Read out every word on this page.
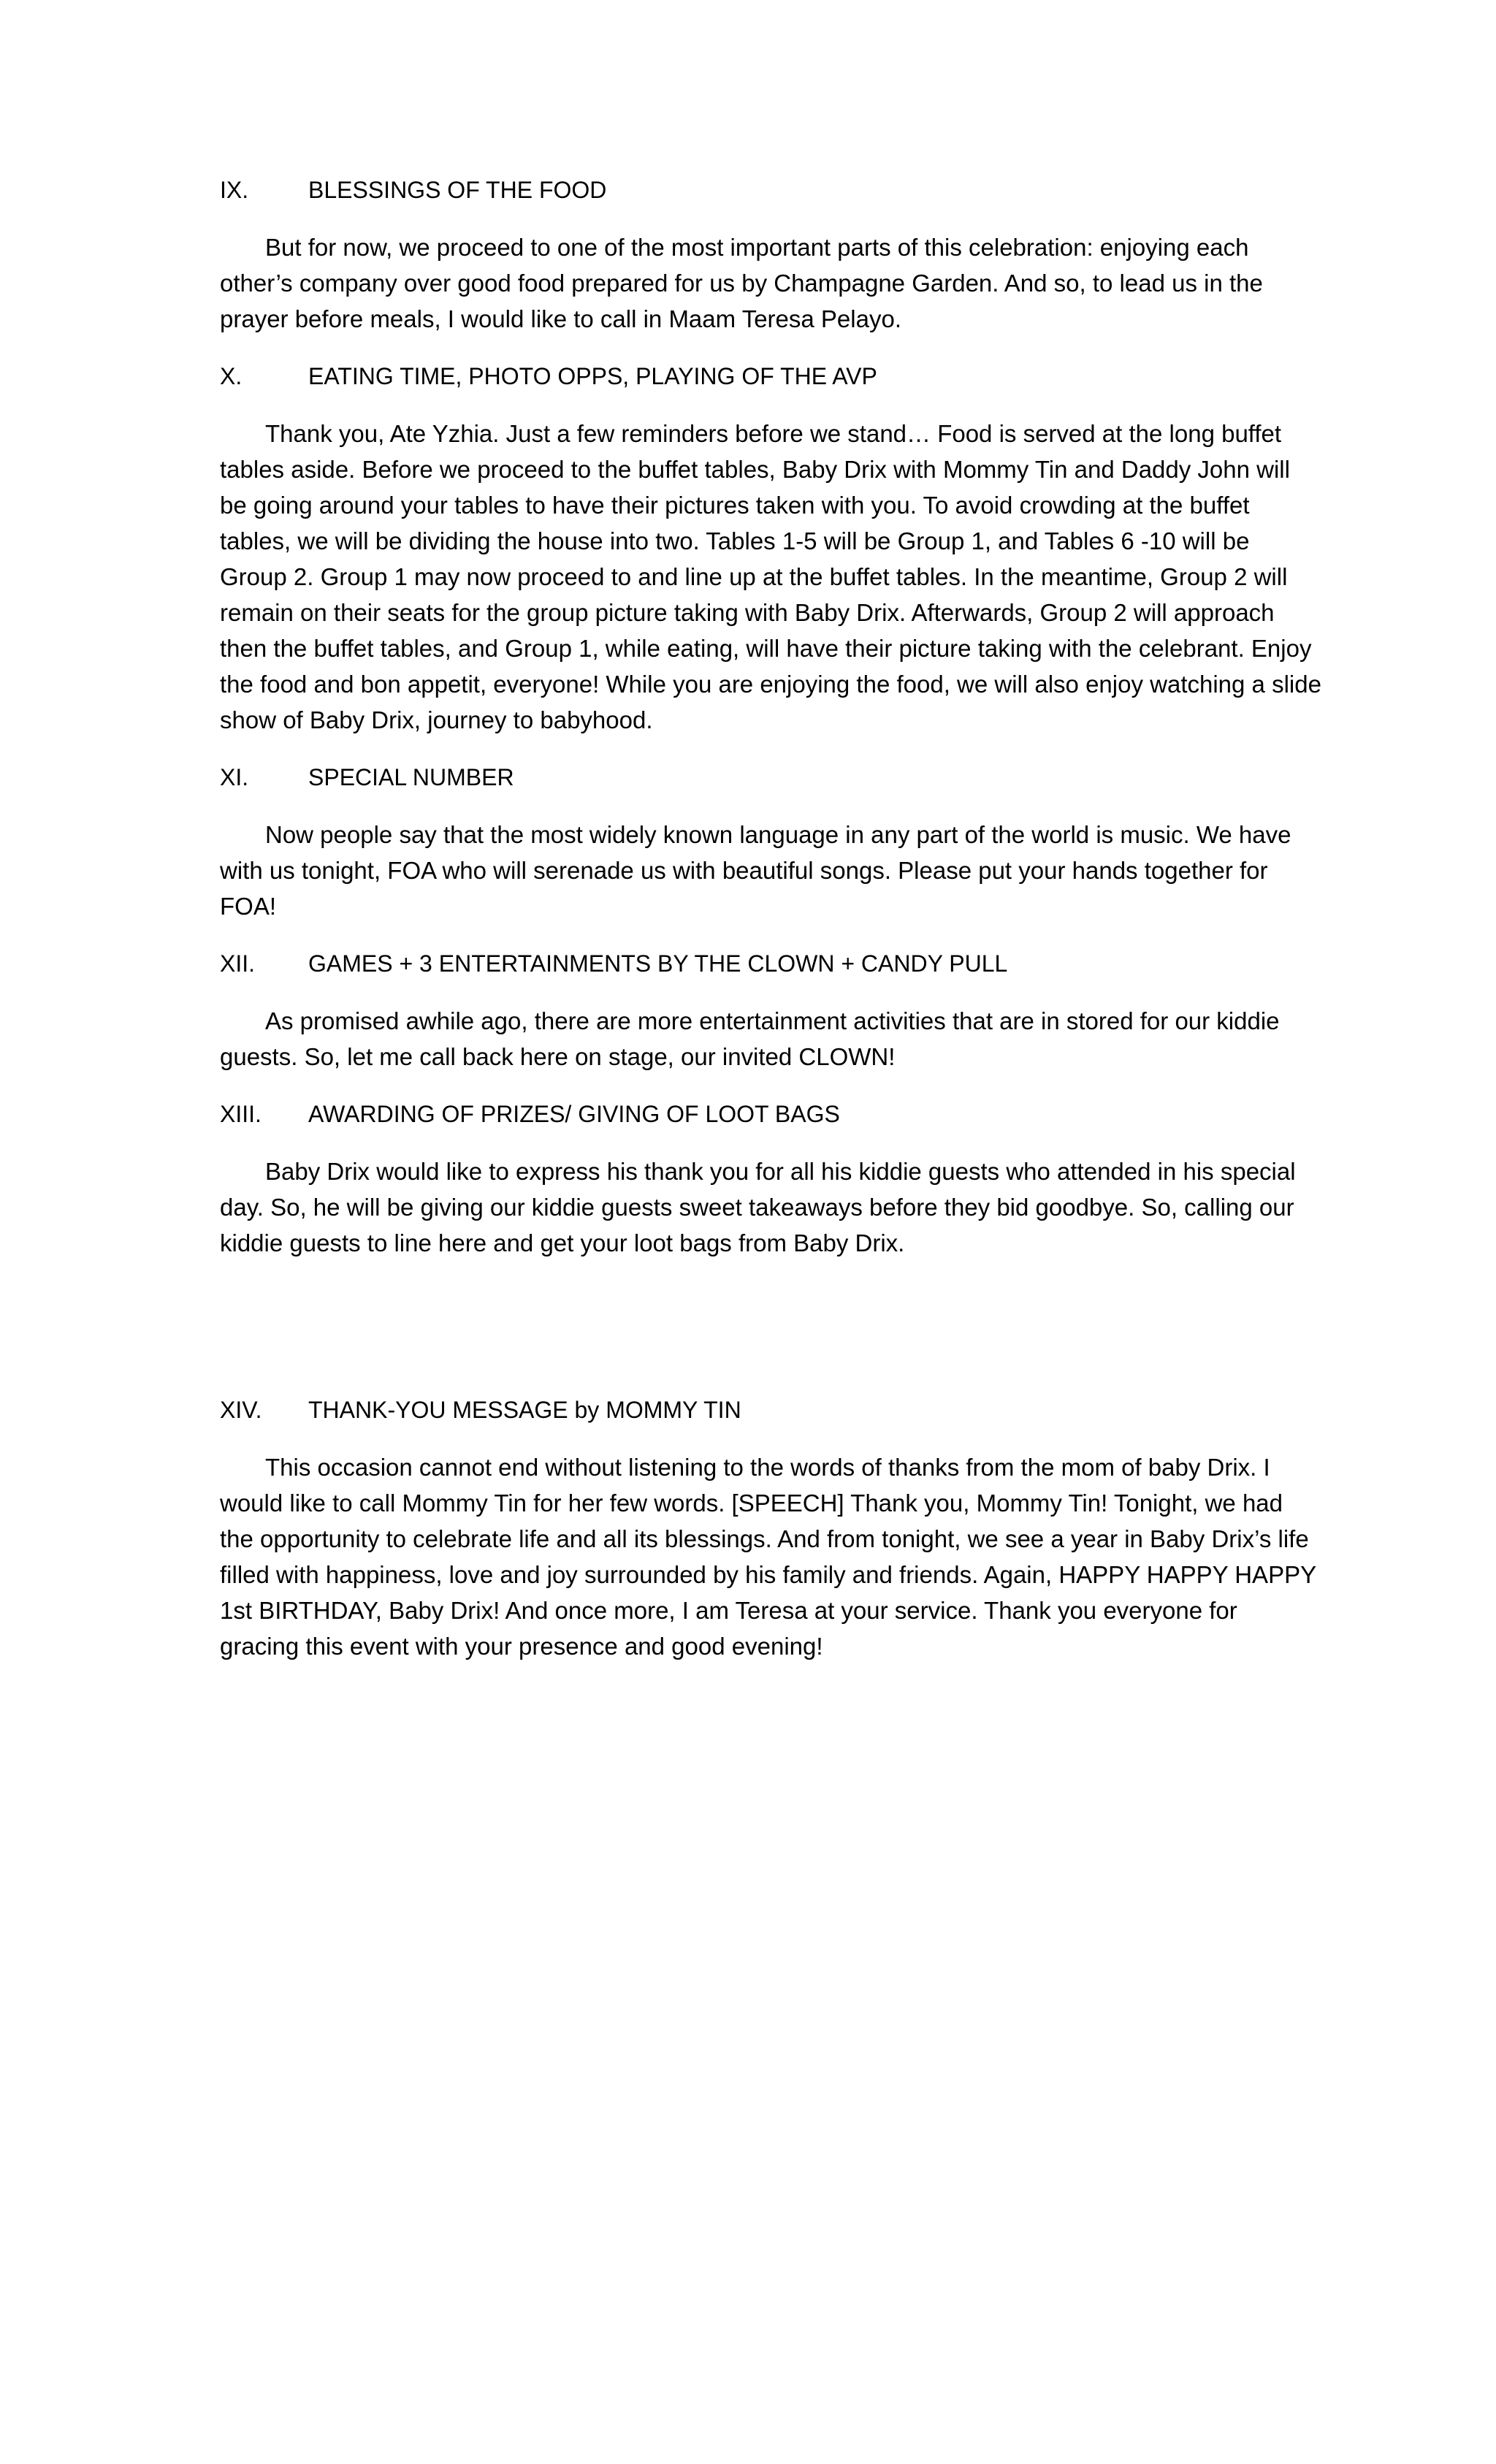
IX.	BLESSINGS OF THE FOOD

But for now, we proceed to one of the most important parts of this celebration: enjoying each other’s company over good food prepared for us by Champagne Garden. And so, to lead us in the prayer before meals, I would like to call in Maam Teresa Pelayo.

X.	EATING TIME, PHOTO OPPS, PLAYING OF THE AVP

Thank you, Ate Yzhia. Just a few reminders before we stand… Food is served at the long buffet tables aside. Before we proceed to the buffet tables, Baby Drix with Mommy Tin and Daddy John will be going around your tables to have their pictures taken with you. To avoid crowding at the buffet tables, we will be dividing the house into two. Tables 1-5 will be Group 1, and Tables 6 -10 will be Group 2. Group 1 may now proceed to and line up at the buffet tables. In the meantime, Group 2 will remain on their seats for the group picture taking with Baby Drix. Afterwards, Group 2 will approach then the buffet tables, and Group 1, while eating, will have their picture taking with the celebrant. Enjoy the food and bon appetit, everyone! While you are enjoying the food, we will also enjoy watching a slide show of Baby Drix, journey to babyhood.

XI.	SPECIAL NUMBER

Now people say that the most widely known language in any part of the world is music. We have with us tonight, FOA who will serenade us with beautiful songs. Please put your hands together for FOA!

XII.	GAMES + 3 ENTERTAINMENTS BY THE CLOWN + CANDY PULL

As promised awhile ago, there are more entertainment activities that are in stored for our kiddie guests. So, let me call back here on stage, our invited CLOWN!

XIII.	AWARDING OF PRIZES/ GIVING OF LOOT BAGS

Baby Drix would like to express his thank you for all his kiddie guests who attended in his special day. So, he will be giving our kiddie guests sweet takeaways before they bid goodbye. So, calling our kiddie guests to line here and get your loot bags from Baby Drix.

XIV.	THANK-YOU MESSAGE by MOMMY TIN

This occasion cannot end without listening to the words of thanks from the mom of baby Drix. I would like to call Mommy Tin for her few words. [SPEECH] Thank you, Mommy Tin! Tonight, we had the opportunity to celebrate life and all its blessings. And from tonight, we see a year in Baby Drix’s life filled with happiness, love and joy surrounded by his family and friends. Again, HAPPY HAPPY HAPPY 1st BIRTHDAY, Baby Drix! And once more, I am Teresa at your service. Thank you everyone for gracing this event with your presence and good evening!
